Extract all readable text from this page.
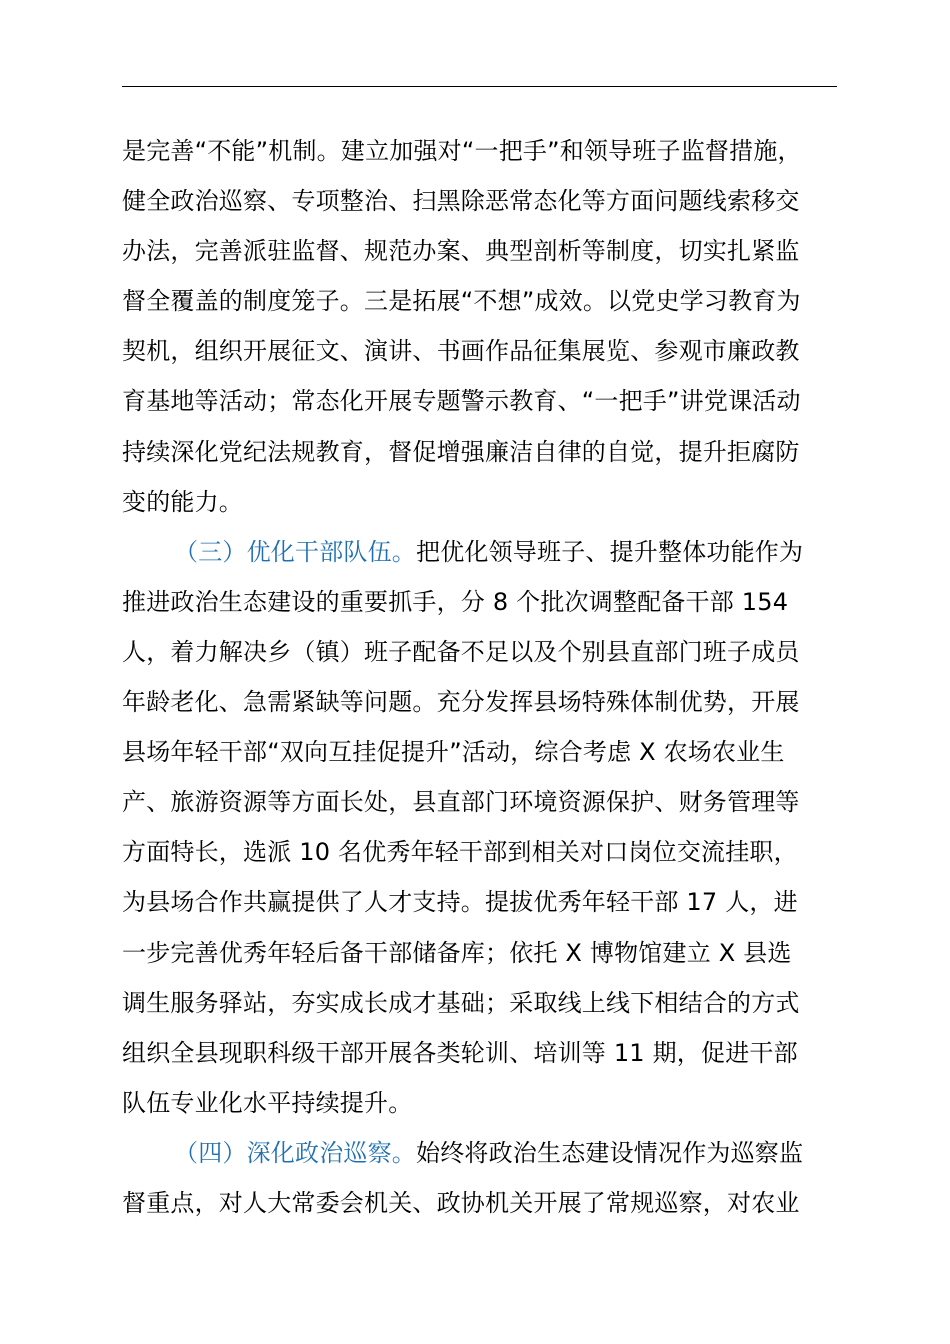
是完善“不能”机制。建立加强对“一把手”和领导班子监督措施，
健全政治巡察、专项整治、扫黑除恶常态化等方面问题线索移交
办法，完善派驻监督、规范办案、典型剖析等制度，切实扎紧监
督全覆盖的制度笼子。三是拓展“不想”成效。以党史学习教育为
契机，组织开展征文、演讲、书画作品征集展览、参观市廉政教
育基地等活动；常态化开展专题警示教育、“一把手”讲党课活动
持续深化党纪法规教育，督促增强廉洁自律的自觉，提升拒腐防
变的能力。
（三）优化干部队伍。把优化领导班子、提升整体功能作为
推进政治生态建设的重要抓手，分 8 个批次调整配备干部 154
人，着力解决乡（镇）班子配备不足以及个别县直部门班子成员
年龄老化、急需紧缺等问题。充分发挥县场特殊体制优势，开展
县场年轻干部“双向互挂促提升”活动，综合考虑 X 农场农业生
产、旅游资源等方面长处，县直部门环境资源保护、财务管理等
方面特长，选派 10 名优秀年轻干部到相关对口岗位交流挂职，
为县场合作共赢提供了人才支持。提拔优秀年轻干部 17 人，进
一步完善优秀年轻后备干部储备库；依托 X 博物馆建立 X 县选
调生服务驿站，夯实成长成才基础；采取线上线下相结合的方式
组织全县现职科级干部开展各类轮训、培训等 11 期，促进干部
队伍专业化水平持续提升。
（四）深化政治巡察。始终将政治生态建设情况作为巡察监
督重点，对人大常委会机关、政协机关开展了常规巡察，对农业
